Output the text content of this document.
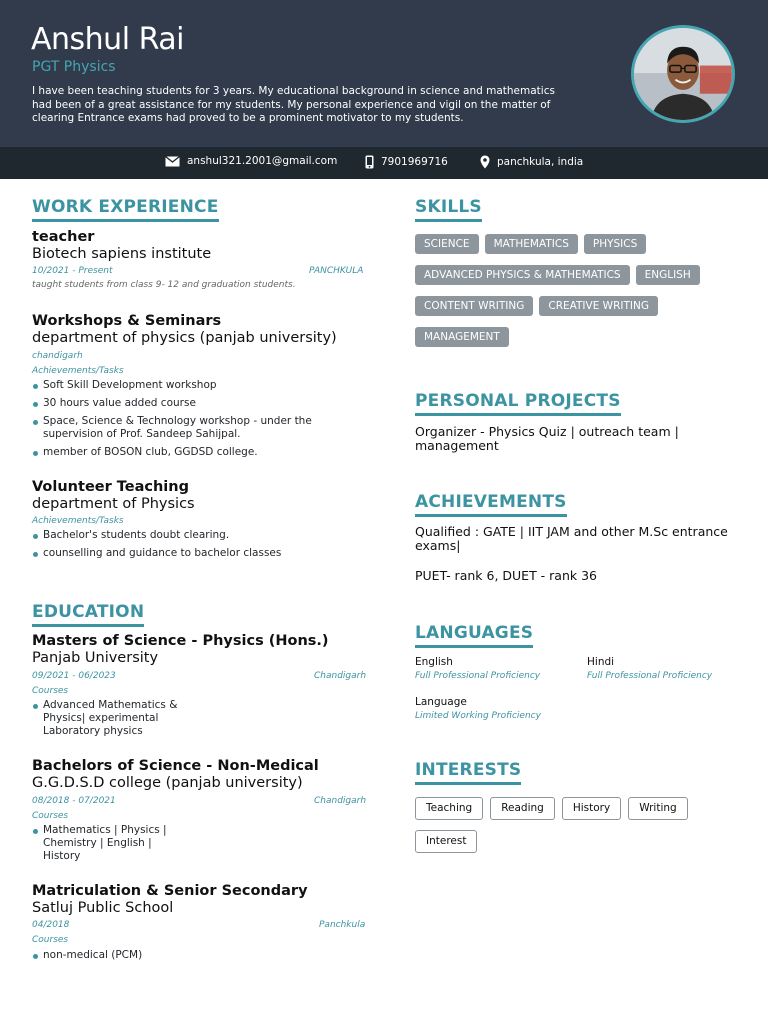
Anshul Rai
PGT Physics
I have been teaching students for 3 years. My educational background in science and mathematics had been of a great assistance for my students. My personal experience and vigil on the matter of clearing Entrance exams had proved to be a prominent motivator to my students.
anshul321.2001@gmail.com	7901969716	panchkula, india
WORK EXPERIENCE
teacher
Biotech sapiens institute
10/2021 - Present	PANCHKULA
taught students from class 9- 12 and graduation students.
Workshops & Seminars
department of physics (panjab university)
chandigarh
Achievements/Tasks
Soft Skill Development workshop
30 hours value added course
Space, Science & Technology workshop - under the supervision of Prof. Sandeep Sahijpal.
member of BOSON club, GGDSD college.
Volunteer Teaching
department of Physics
Achievements/Tasks
Bachelor's students doubt clearing.
counselling and guidance to bachelor classes
EDUCATION
Masters of Science - Physics (Hons.)
Panjab University
09/2021 - 06/2023	Chandigarh
Courses
Advanced Mathematics & Physics| experimental Laboratory physics
Bachelors of Science - Non-Medical
G.G.D.S.D college (panjab university)
08/2018 - 07/2021	Chandigarh
Courses
Mathematics | Physics | Chemistry | English | History
Matriculation & Senior Secondary
Satluj Public School
04/2018	Panchkula
Courses
non-medical (PCM)
SKILLS
SCIENCE	MATHEMATICS	PHYSICS
ADVANCED PHYSICS & MATHEMATICS	ENGLISH
CONTENT WRITING	CREATIVE WRITING
MANAGEMENT
PERSONAL PROJECTS
Organizer - Physics Quiz | outreach team | management
ACHIEVEMENTS
Qualified : GATE | IIT JAM and other M.Sc entrance exams|
PUET- rank 6, DUET - rank 36
LANGUAGES
English
Full Professional Proficiency
Hindi
Full Professional Proficiency
Language
Limited Working Proficiency
INTERESTS
Teaching	Reading	History	Writing
Interest
